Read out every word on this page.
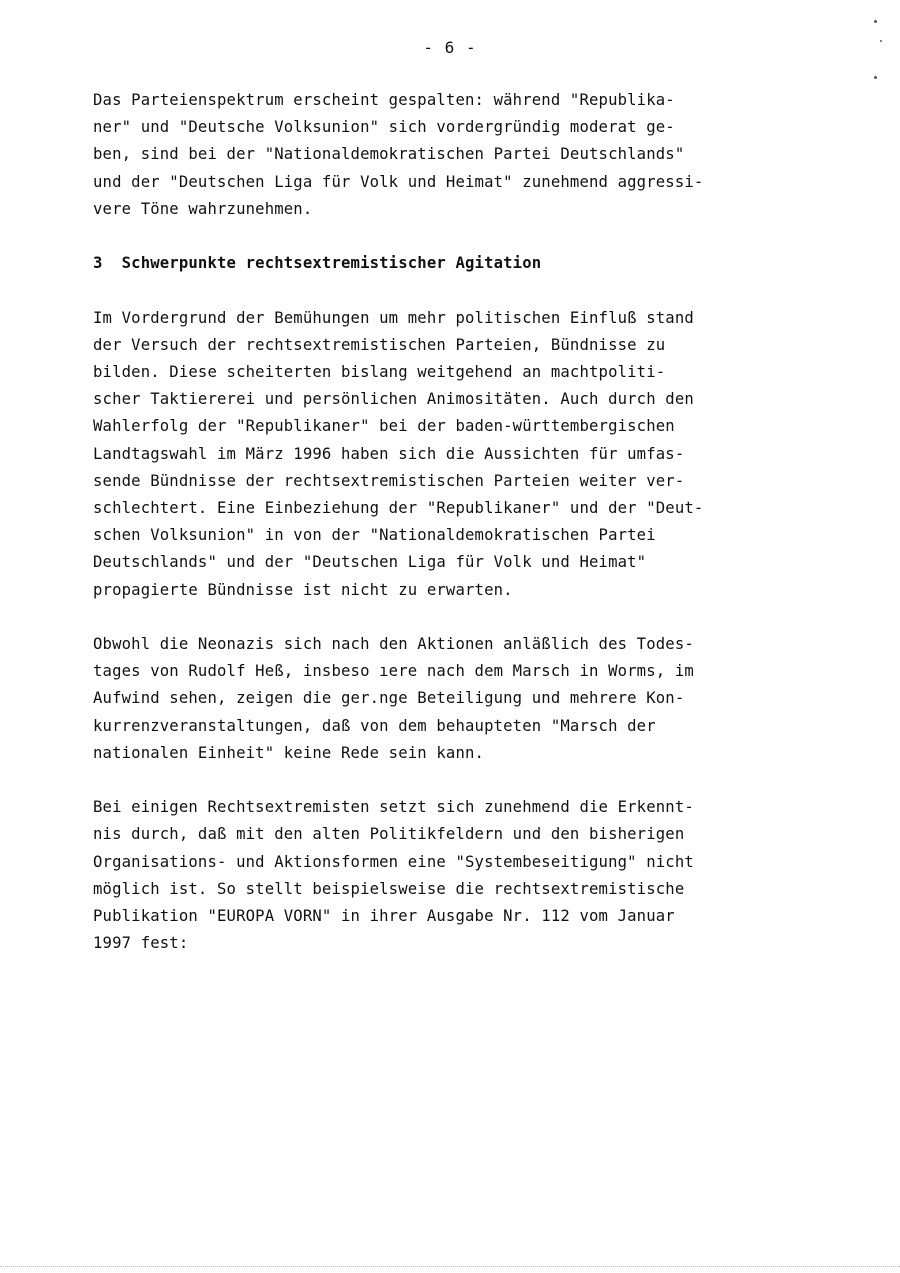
- 6 -
Das Parteienspektrum erscheint gespalten: während "Republika-
ner" und "Deutsche Volksunion" sich vordergründig moderat ge-
ben, sind bei der "Nationaldemokratischen Partei Deutschlands"
und der "Deutschen Liga für Volk und Heimat" zunehmend aggressi-
vere Töne wahrzunehmen.
3  Schwerpunkte rechtsextremistischer Agitation
Im Vordergrund der Bemühungen um mehr politischen Einfluß stand
der Versuch der rechtsextremistischen Parteien, Bündnisse zu
bilden. Diese scheiterten bislang weitgehend an machtpoliti-
scher Taktiererei und persönlichen Animositäten. Auch durch den
Wahlerfolg der "Republikaner" bei der baden-württembergischen
Landtagswahl im März 1996 haben sich die Aussichten für umfas-
sende Bündnisse der rechtsextremistischen Parteien weiter ver-
schlechtert. Eine Einbeziehung der "Republikaner" und der "Deut-
schen Volksunion" in von der "Nationaldemokratischen Partei
Deutschlands" und der "Deutschen Liga für Volk und Heimat"
propagierte Bündnisse ist nicht zu erwarten.
Obwohl die Neonazis sich nach den Aktionen anläßlich des Todes-
tages von Rudolf Heß, insbeso ıere nach dem Marsch in Worms, im
Aufwind sehen, zeigen die ger.nge Beteiligung und mehrere Kon-
kurrenzveranstaltungen, daß von dem behaupteten "Marsch der
nationalen Einheit" keine Rede sein kann.
Bei einigen Rechtsextremisten setzt sich zunehmend die Erkennt-
nis durch, daß mit den alten Politikfeldern und den bisherigen
Organisations- und Aktionsformen eine "Systembeseitigung" nicht
möglich ist. So stellt beispielsweise die rechtsextremistische
Publikation "EUROPA VORN" in ihrer Ausgabe Nr. 112 vom Januar
1997 fest:
